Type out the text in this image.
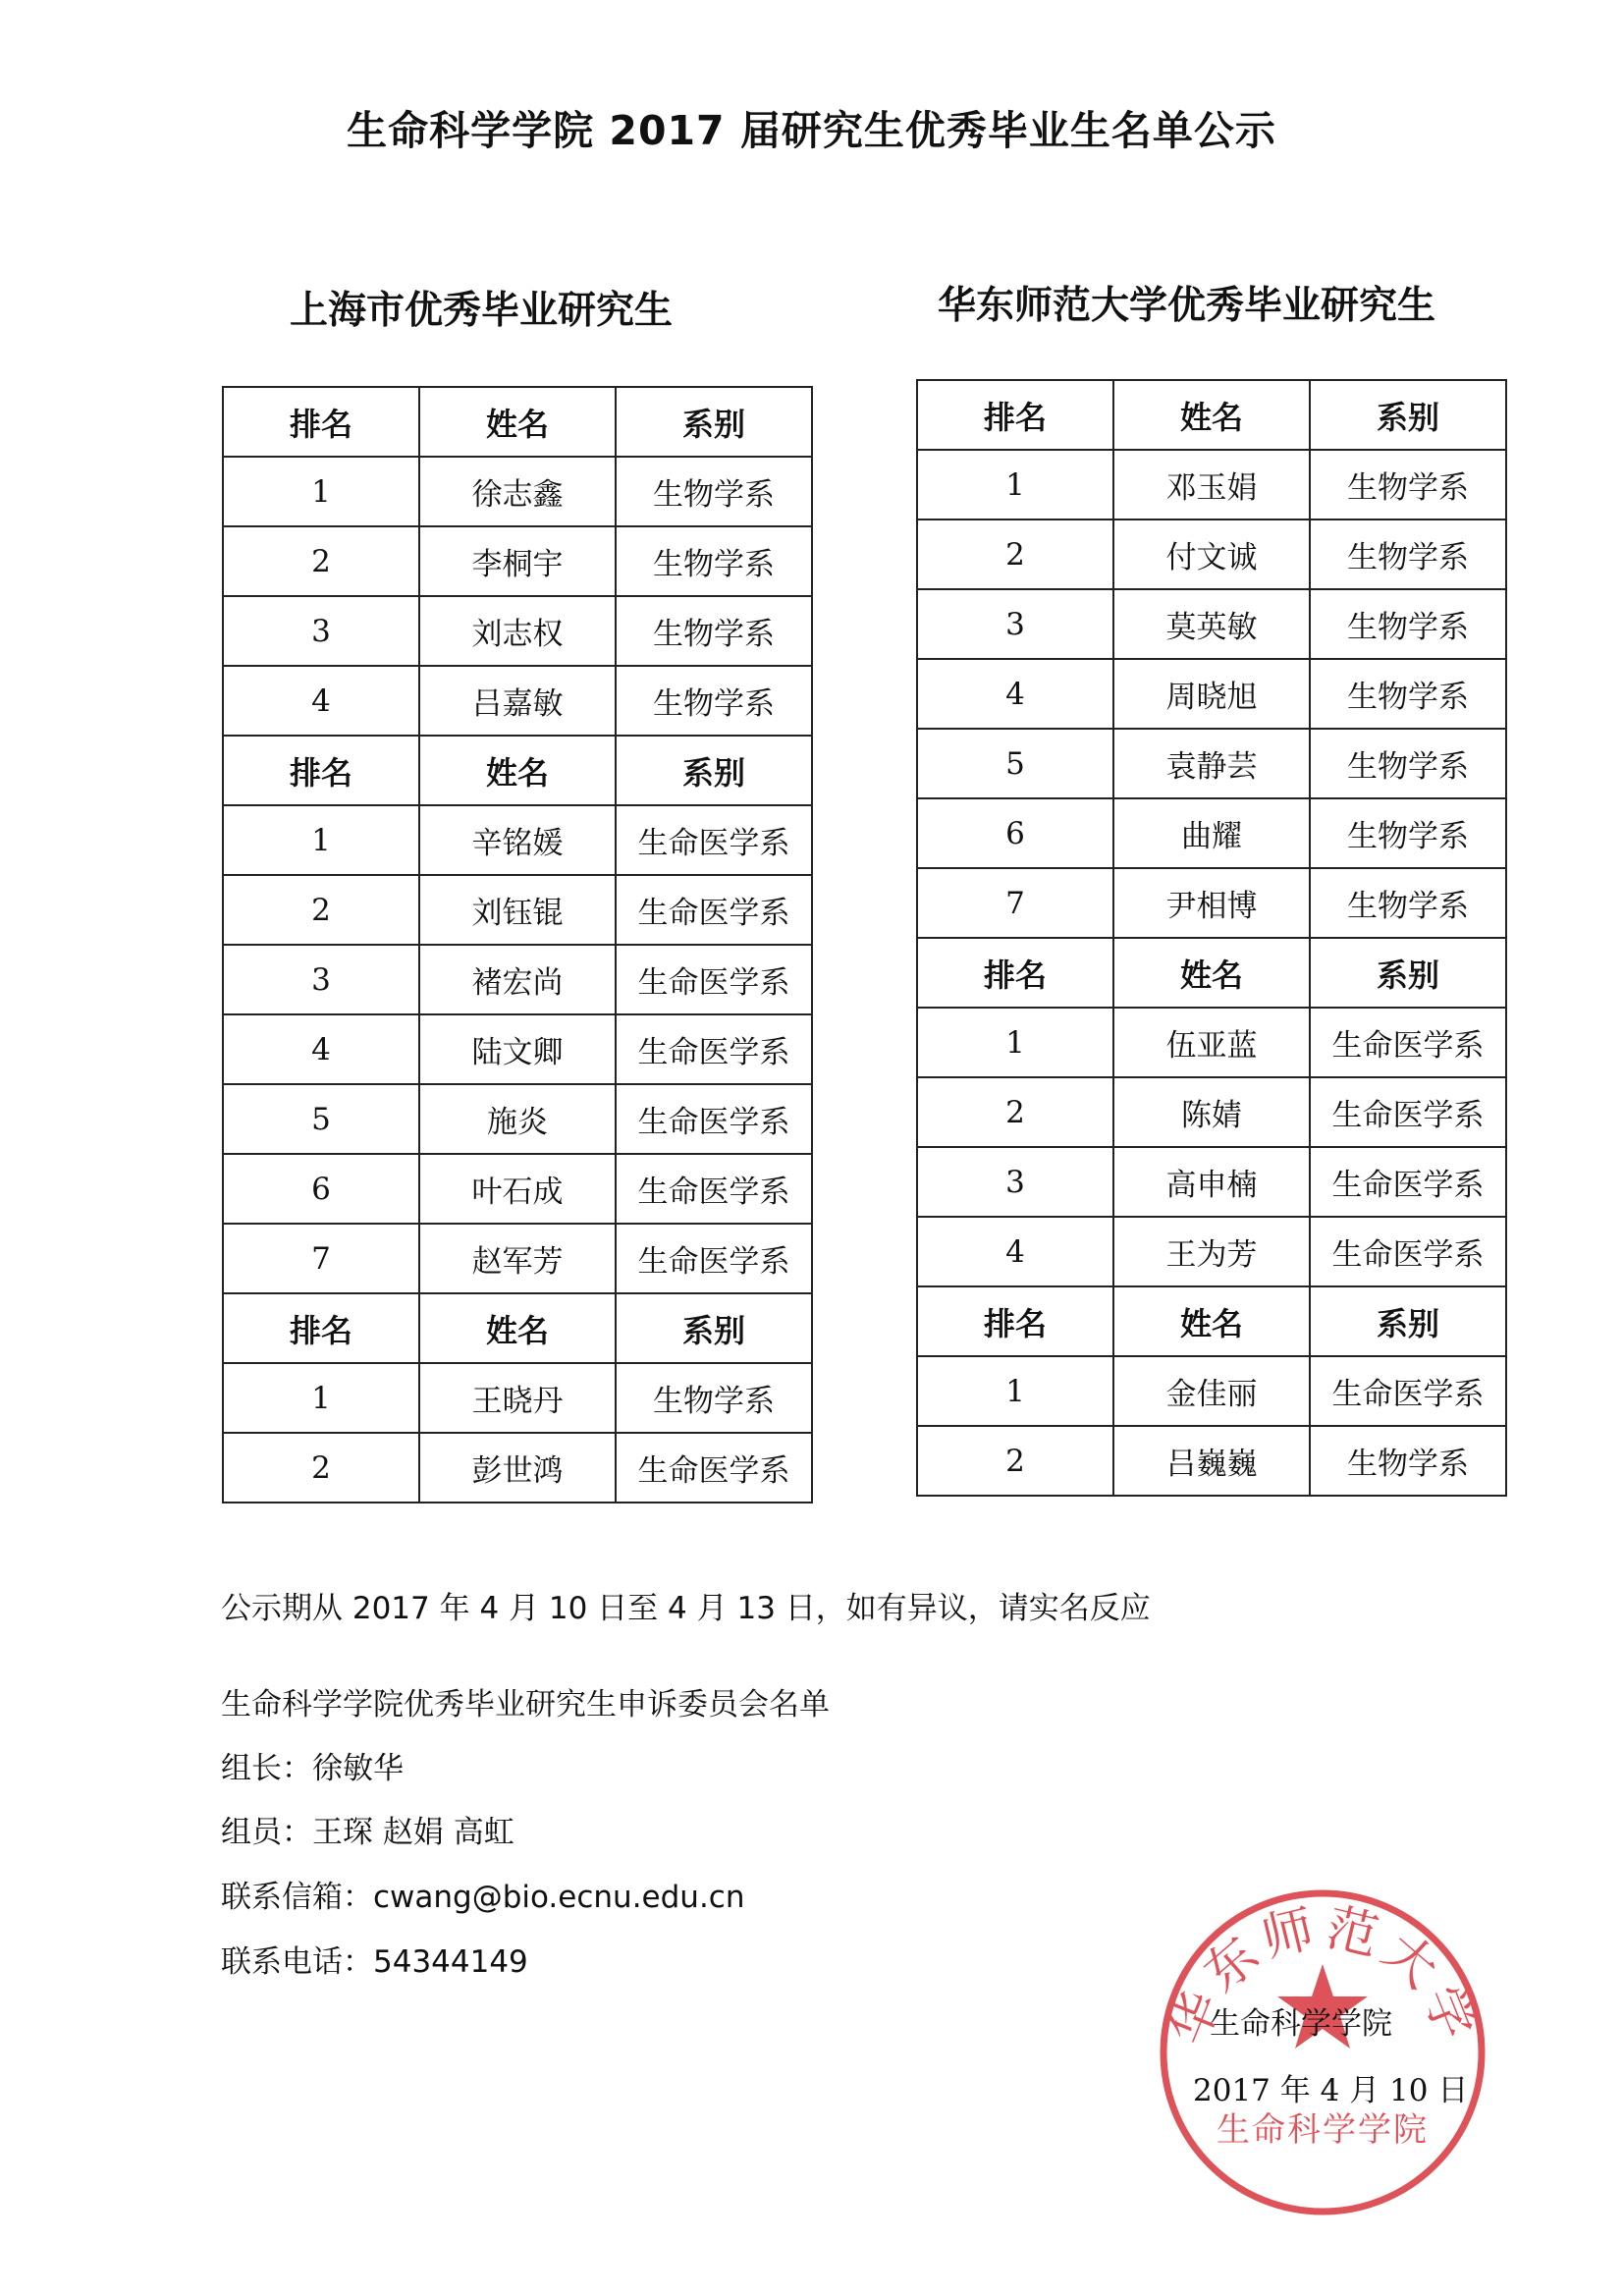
生命科学学院 2017 届研究生优秀毕业生名单公示
上海市优秀毕业研究生	华东师范大学优秀毕业研究生
排名	姓名	系别
1	徐志鑫	生物学系
2	李桐宇	生物学系
3	刘志权	生物学系
4	吕嘉敏	生物学系
排名	姓名	系别
1	辛铭媛	生命医学系
2	刘钰锟	生命医学系
3	褚宏尚	生命医学系
4	陆文卿	生命医学系
5	施炎	生命医学系
6	叶石成	生命医学系
7	赵军芳	生命医学系
排名	姓名	系别
1	王晓丹	生物学系
2	彭世鸿	生命医学系
排名	姓名	系别
1	邓玉娟	生物学系
2	付文诚	生物学系
3	莫英敏	生物学系
4	周晓旭	生物学系
5	袁静芸	生物学系
6	曲耀	生物学系
7	尹相博	生物学系
排名	姓名	系别
1	伍亚蓝	生命医学系
2	陈婧	生命医学系
3	高申楠	生命医学系
4	王为芳	生命医学系
排名	姓名	系别
1	金佳丽	生命医学系
2	吕巍巍	生物学系
公示期从 2017 年 4 月 10 日至 4 月 13 日，如有异议，请实名反应
生命科学学院优秀毕业研究生申诉委员会名单
组长：徐敏华
组员：王琛 赵娟 高虹
联系信箱：cwang@bio.ecnu.edu.cn
联系电话：54344149
华东师范大学
生命科学学院
生命科学学院
2017 年 4 月 10 日
